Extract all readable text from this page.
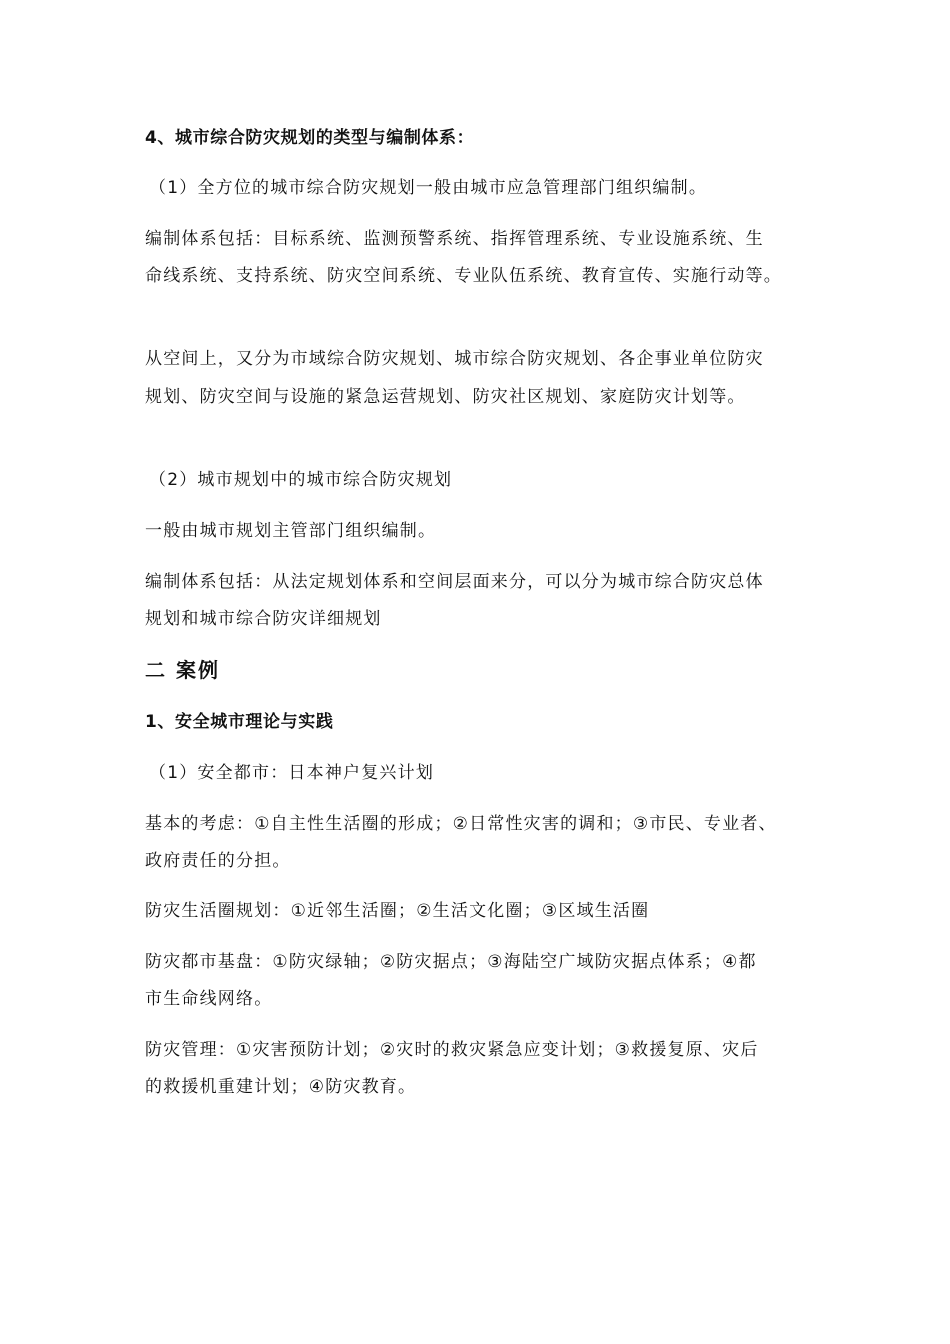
4、城市综合防灾规划的类型与编制体系：
（1）全方位的城市综合防灾规划一般由城市应急管理部门组织编制。
编制体系包括：目标系统、监测预警系统、指挥管理系统、专业设施系统、生
命线系统、支持系统、防灾空间系统、专业队伍系统、教育宣传、实施行动等。
从空间上，又分为市域综合防灾规划、城市综合防灾规划、各企事业单位防灾
规划、防灾空间与设施的紧急运营规划、防灾社区规划、家庭防灾计划等。
（2）城市规划中的城市综合防灾规划
一般由城市规划主管部门组织编制。
编制体系包括：从法定规划体系和空间层面来分，可以分为城市综合防灾总体
规划和城市综合防灾详细规划
二 案例
1、安全城市理论与实践
（1）安全都市：日本神户复兴计划
基本的考虑：①自主性生活圈的形成；②日常性灾害的调和；③市民、专业者、
政府责任的分担。
防灾生活圈规划：①近邻生活圈；②生活文化圈；③区域生活圈
防灾都市基盘：①防灾绿轴；②防灾据点；③海陆空广域防灾据点体系；④都
市生命线网络。
防灾管理：①灾害预防计划；②灾时的救灾紧急应变计划；③救援复原、灾后
的救援机重建计划；④防灾教育。
